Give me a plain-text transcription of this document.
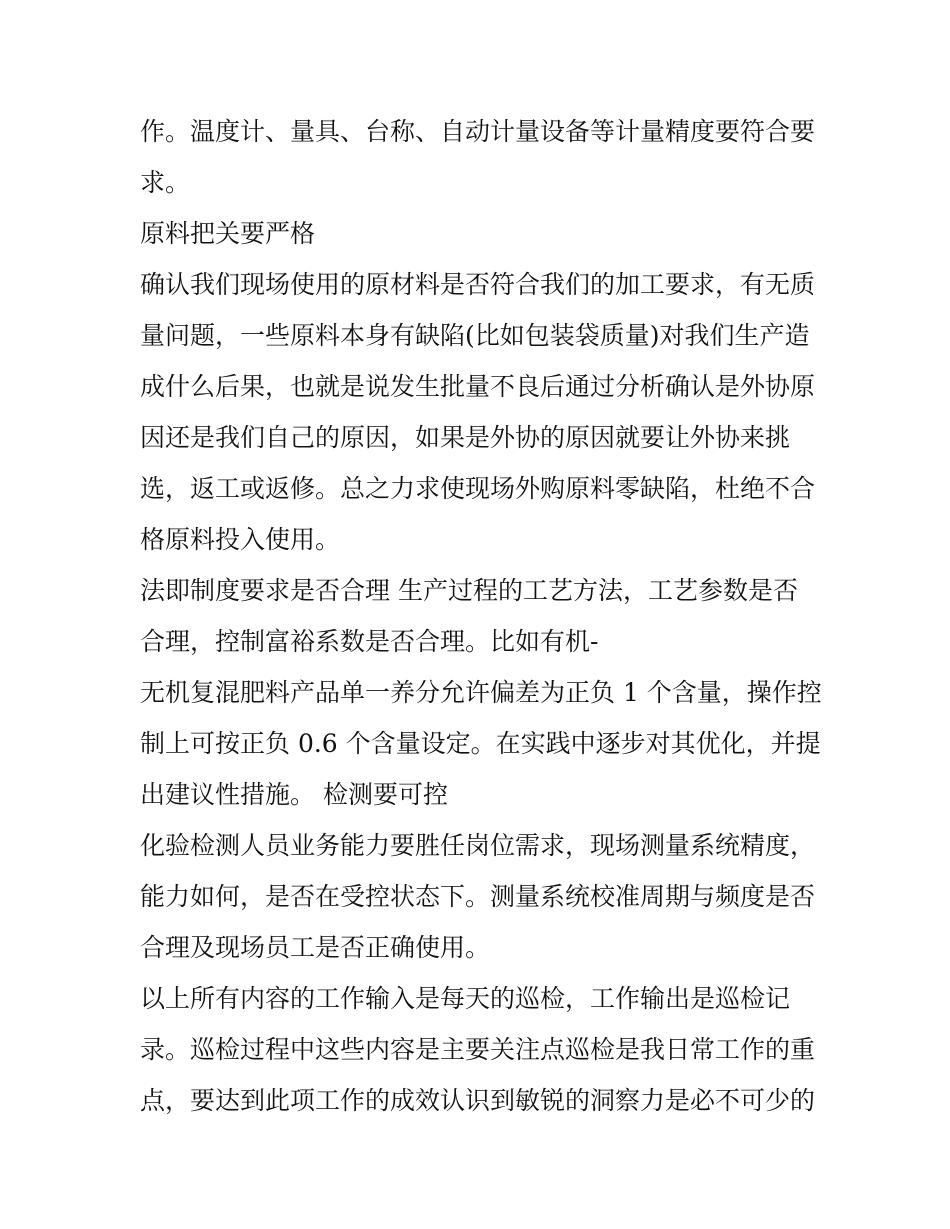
作。温度计、量具、台称、自动计量设备等计量精度要符合要
求。
原料把关要严格
确认我们现场使用的原材料是否符合我们的加工要求，有无质
量问题，一些原料本身有缺陷(比如包装袋质量)对我们生产造
成什么后果，也就是说发生批量不良后通过分析确认是外协原
因还是我们自己的原因，如果是外协的原因就要让外协来挑
选，返工或返修。总之力求使现场外购原料零缺陷，杜绝不合
格原料投入使用。
法即制度要求是否合理 生产过程的工艺方法，工艺参数是否
合理，控制富裕系数是否合理。比如有机-
无机复混肥料产品单一养分允许偏差为正负 1 个含量，操作控
制上可按正负 0.6 个含量设定。在实践中逐步对其优化，并提
出建议性措施。 检测要可控
化验检测人员业务能力要胜任岗位需求，现场测量系统精度，
能力如何，是否在受控状态下。测量系统校准周期与频度是否
合理及现场员工是否正确使用。
以上所有内容的工作输入是每天的巡检，工作输出是巡检记
录。巡检过程中这些内容是主要关注点巡检是我日常工作的重
点，要达到此项工作的成效认识到敏锐的洞察力是必不可少的
